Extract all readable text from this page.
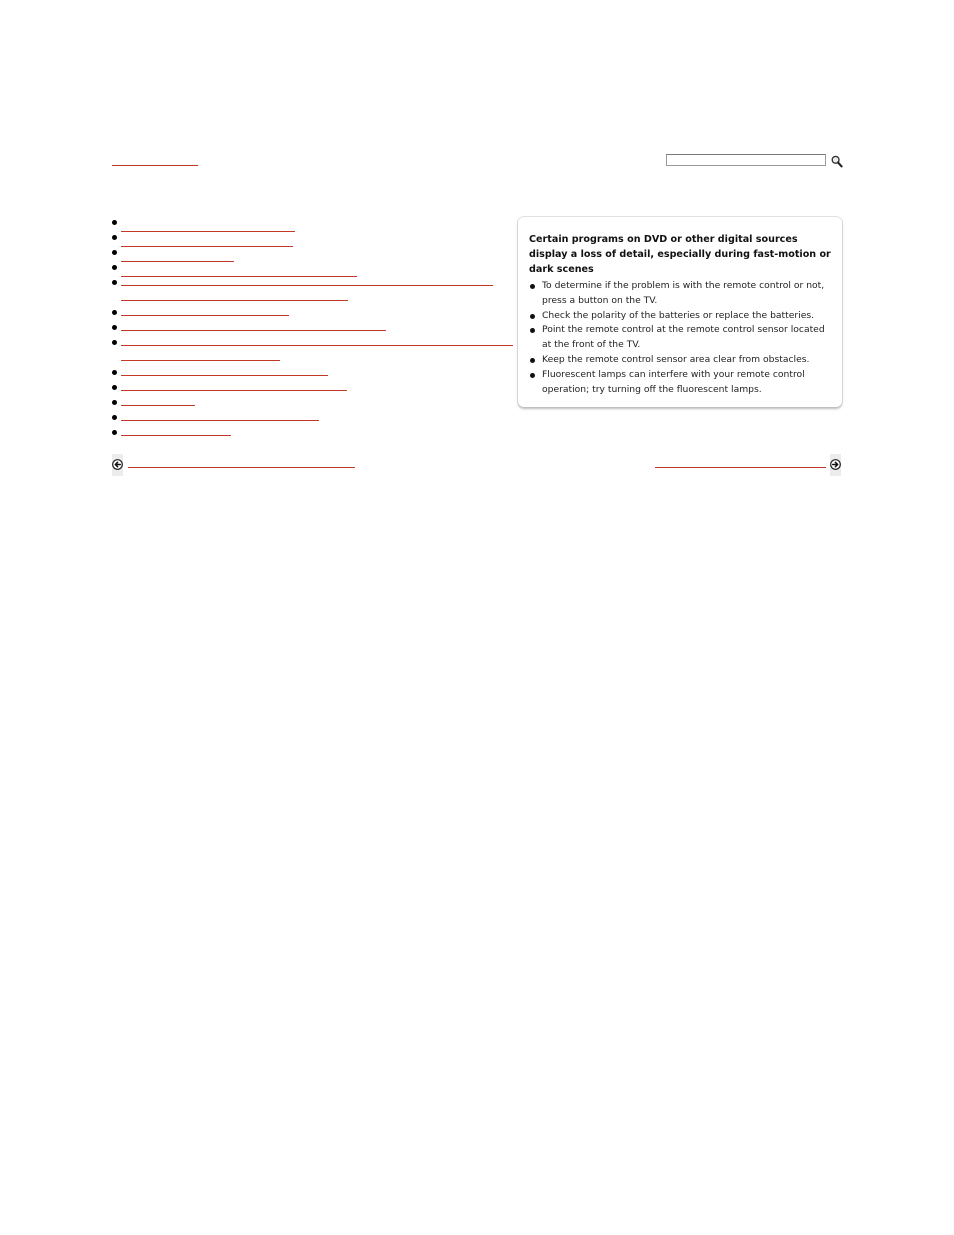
Certain programs on DVD or other digital sources display a loss of detail, especially during fast-motion or dark scenes
To determine if the problem is with the remote control or not, press a button on the TV.
Check the polarity of the batteries or replace the batteries.
Point the remote control at the remote control sensor located at the front of the TV.
Keep the remote control sensor area clear from obstacles.
Fluorescent lamps can interfere with your remote control operation; try turning off the fluorescent lamps.
